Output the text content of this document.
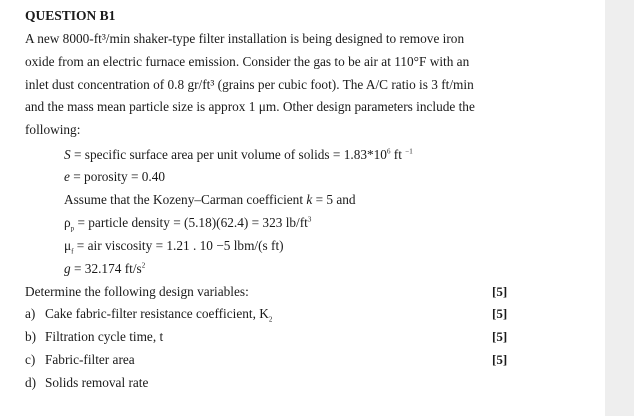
QUESTION B1
A new 8000-ft³/min shaker-type filter installation is being designed to remove iron
oxide from an electric furnace emission. Consider the gas to be air at 110°F with an
inlet dust concentration of 0.8 gr/ft³ (grains per cubic foot). The A/C ratio is 3 ft/min
and the mass mean particle size is approx 1 μm. Other design parameters include the
following:
S = specific surface area per unit volume of solids = $1.83*10^6$ ft $^{-1}$
e = porosity = 0.40
Assume that the Kozeny–Carman coefficient k = 5 and
$\rho_p$ = particle density = (5.18)(62.4) = 323 $lb/ft^3$
$\mu_f$ = air viscosity = 1.21 . 10 −5 lbm/(s ft)
g = 32.174 $ft/s^2$
Determine the following design variables:	[5]
a) Cake fabric-filter resistance coefficient, $K_2$	[5]
b) Filtration cycle time, t	[5]
c) Fabric-filter area	[5]
d) Solids removal rate
